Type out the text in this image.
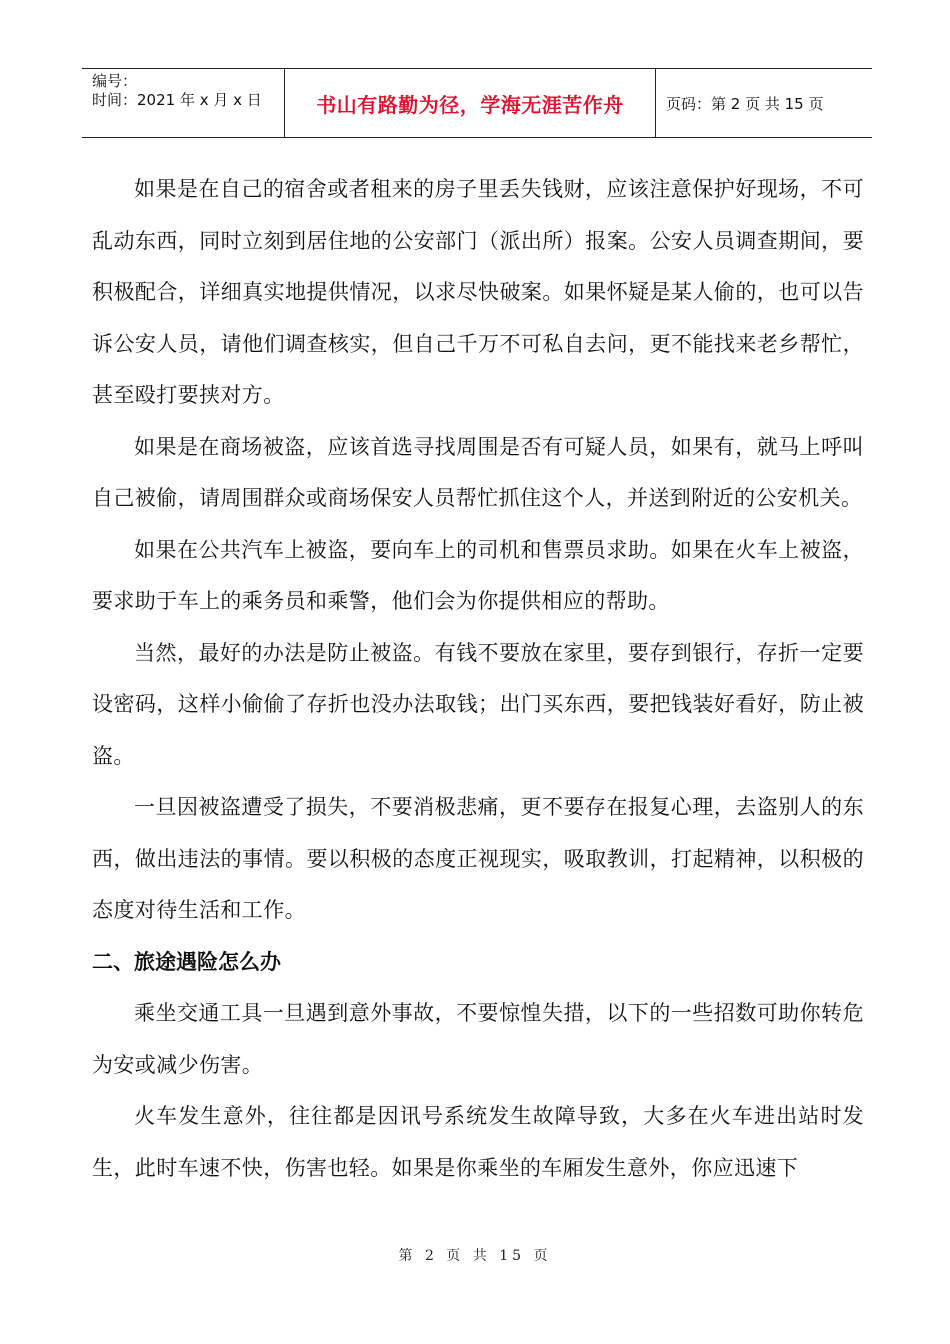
编号：
时间：2021 年 x 月 x 日	书山有路勤为径，学海无涯苦作舟	页码：第 2 页 共 15 页

如果是在自己的宿舍或者租来的房子里丢失钱财，应该注意保护好现场，不可乱动东西，同时立刻到居住地的公安部门（派出所）报案。公安人员调查期间，要积极配合，详细真实地提供情况，以求尽快破案。如果怀疑是某人偷的，也可以告诉公安人员，请他们调查核实，但自己千万不可私自去问，更不能找来老乡帮忙，甚至殴打要挟对方。

如果是在商场被盗，应该首选寻找周围是否有可疑人员，如果有，就马上呼叫自己被偷，请周围群众或商场保安人员帮忙抓住这个人，并送到附近的公安机关。

如果在公共汽车上被盗，要向车上的司机和售票员求助。如果在火车上被盗，要求助于车上的乘务员和乘警，他们会为你提供相应的帮助。

当然，最好的办法是防止被盗。有钱不要放在家里，要存到银行，存折一定要设密码，这样小偷偷了存折也没办法取钱；出门买东西，要把钱装好看好，防止被盗。

一旦因被盗遭受了损失，不要消极悲痛，更不要存在报复心理，去盗别人的东西，做出违法的事情。要以积极的态度正视现实，吸取教训，打起精神，以积极的态度对待生活和工作。

二、旅途遇险怎么办

乘坐交通工具一旦遇到意外事故，不要惊惶失措，以下的一些招数可助你转危为安或减少伤害。

火车发生意外，往往都是因讯号系统发生故障导致，大多在火车进出站时发生，此时车速不快，伤害也轻。如果是你乘坐的车厢发生意外，你应迅速下

第 2 页 共 15 页
